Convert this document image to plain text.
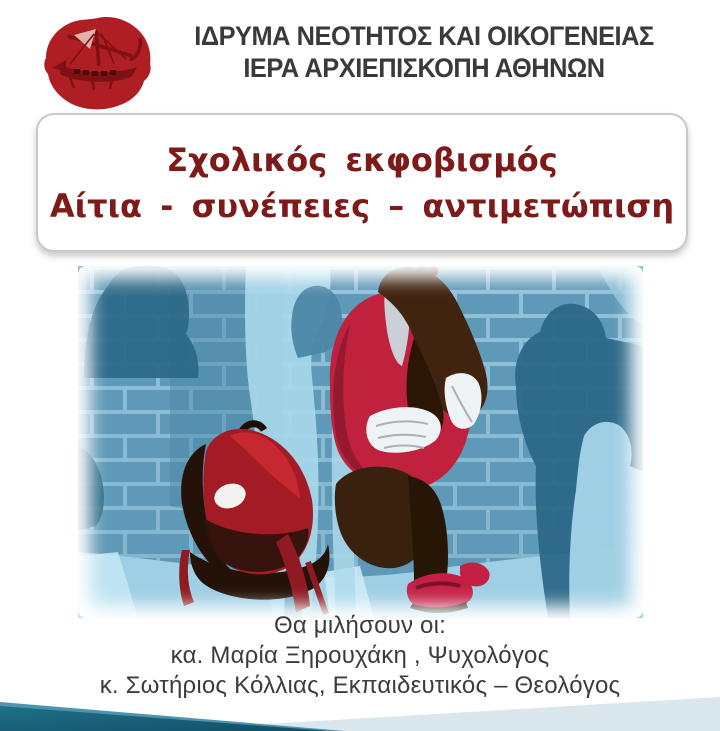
ΙΔΡΥΜΑ ΝΕΟΤΗΤΟΣ ΚΑΙ ΟΙΚΟΓΕΝΕΙΑΣ
ΙΕΡΑ ΑΡΧΙΕΠΙΣΚΟΠΗ ΑΘΗΝΩΝ
Σχολικός εκφοβισμός
Αίτια - συνέπειες – αντιμετώπιση
Θα μιλήσουν οι:
κα. Μαρία Ξηρουχάκη , Ψυχολόγος
κ. Σωτήριος Κόλλιας, Εκπαιδευτικός – Θεολόγος
